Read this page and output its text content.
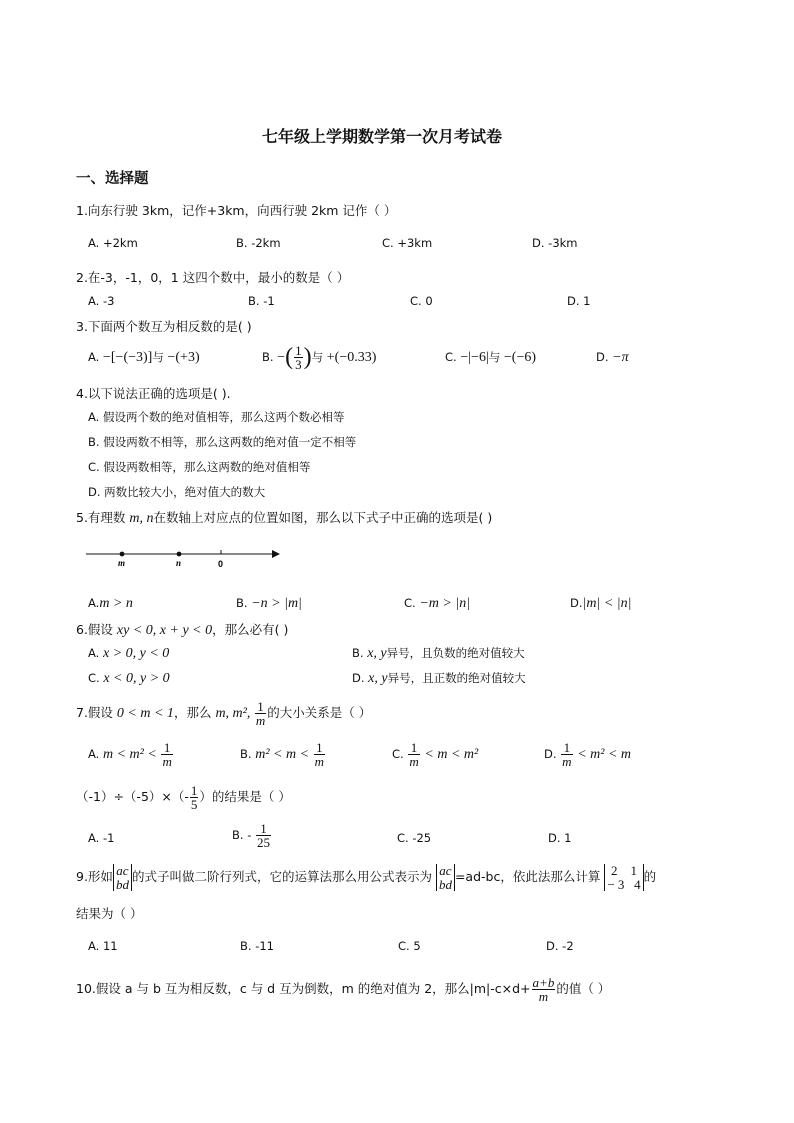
七年级上学期数学第一次月考试卷
一、选择题
1.向东行驶 3km，记作+3km，向西行驶 2km 记作（ ）
A. +2km	B. -2km	C. +3km	D. -3km
2.在-3，-1，0，1 这四个数中，最小的数是（ ）
A. -3	B. -1	C. 0	D. 1
3.下面两个数互为相反数的是( )
A. −[−(−3)]与 −(+3)	B. −( $\frac{1}{3}$ )与 +(−0.33)	C. −|−6|与 −(−6)	D. −π
4.以下说法正确的选项是( ).
A. 假设两个数的绝对值相等，那么这两个数必相等
B. 假设两数不相等，那么这两数的绝对值一定不相等
C. 假设两数相等，那么这两数的绝对值相等
D. 两数比较大小，绝对值大的数大
5.有理数 m, n在数轴上对应点的位置如图，那么以下式子中正确的选项是( )
m	n	0
A.m > n	B. −n > |m|	C. −m > |n|	D.|m| < |n|
6.假设 xy < 0, x + y < 0，那么必有( )
A. x > 0, y < 0	B. x, y异号，且负数的绝对值较大
C. x < 0, y > 0	D. x, y异号，且正数的绝对值较大
7.假设 0 < m < 1，那么 m, m², $\frac{1}{m}$ 的大小关系是（ ）
A. $m < m^2 < \frac{1}{m}$	B. $m^2 < m < \frac{1}{m}$	C. $\frac{1}{m} < m < m^2$	D. $\frac{1}{m} < m^2 < m$
$(-1)\div(-5)\times(- \frac{1}{5}$ ）的结果是（ ）
A. -1	B. - $\frac{1}{25}$	C. -25	D. 1
9.形如 ac
bd 的式子叫做二阶行列式，它的运算法那么用公式表示为 ac
bd =ad-bc，依此法那么计算 2    1
− 3   4 的
结果为（ ）
A. 11	B. -11	C. 5	D. -2
10.假设 a 与 b 互为相反数，c 与 d 互为倒数，m 的绝对值为 2，那么$|m|-c\times d+ \frac{a+b}{m}$ 的值（ ）
